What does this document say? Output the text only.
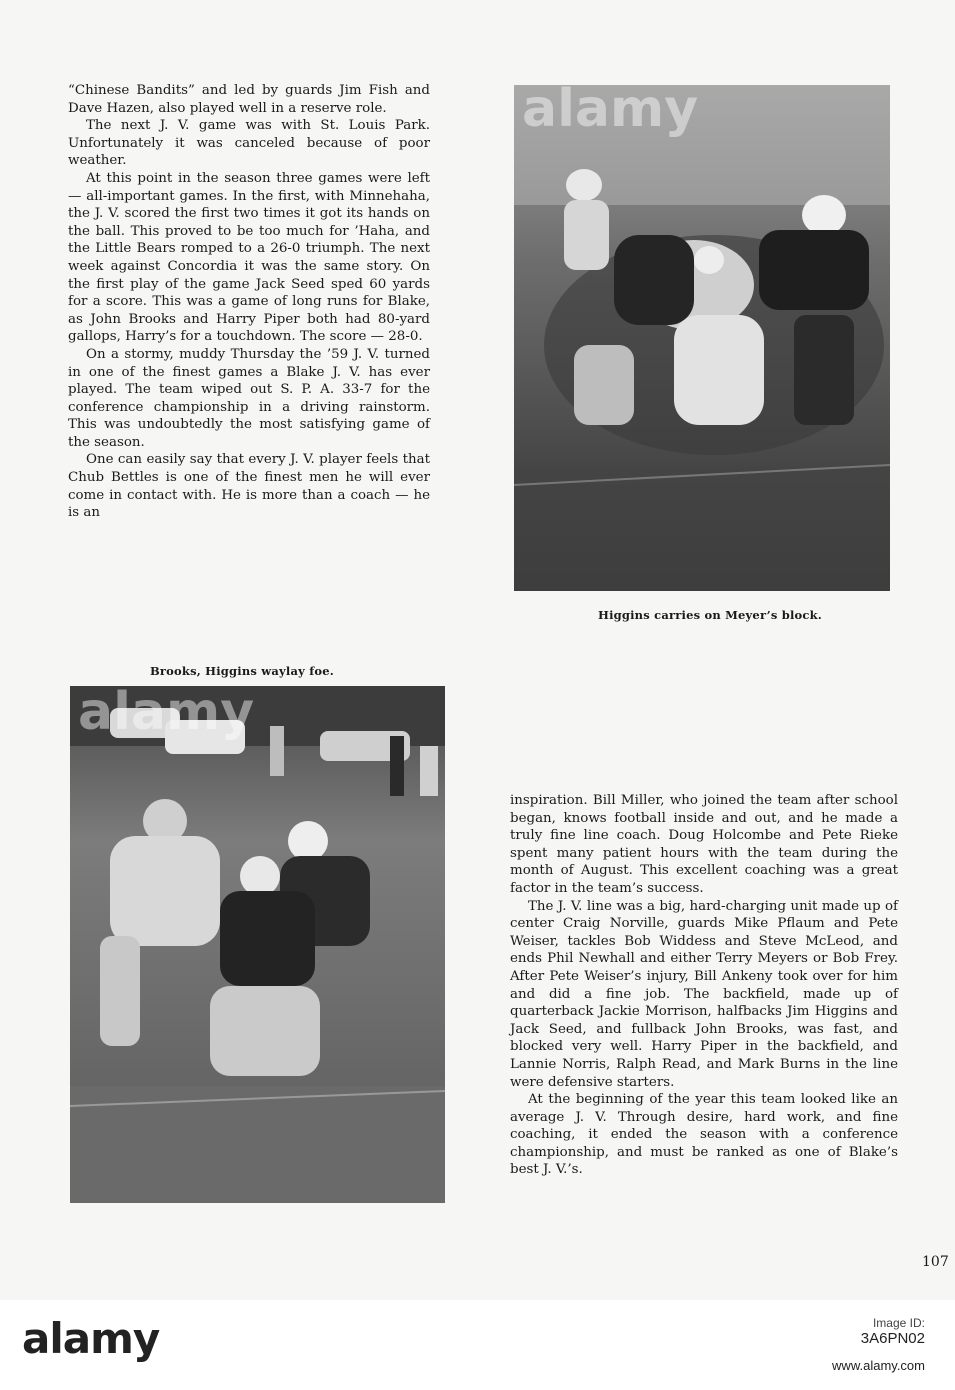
“Chinese Bandits” and led by guards Jim Fish and Dave Hazen, also played well in a reserve role.

The next J. V. game was with St. Louis Park. Unfortunately it was canceled because of poor weather.

At this point in the season three games were left — all-important games. In the first, with Minnehaha, the J. V. scored the first two times it got its hands on the ball. This proved to be too much for ’Haha, and the Little Bears romped to a 26-0 triumph. The next week against Concordia it was the same story. On the first play of the game Jack Seed sped 60 yards for a score. This was a game of long runs for Blake, as John Brooks and Harry Piper both had 80-yard gallops, Harry’s for a touchdown. The score — 28-0.

On a stormy, muddy Thursday the ’59 J. V. turned in one of the finest games a Blake J. V. has ever played. The team wiped out S. P. A. 33-7 for the conference championship in a driving rainstorm. This was undoubtedly the most satisfying game of the season.

One can easily say that every J. V. player feels that Chub Bettles is one of the finest men he will ever come in contact with. He is more than a coach — he is an

alamy
Higgins carries on Meyer’s block.
Brooks, Higgins waylay foe.
alamy

inspiration. Bill Miller, who joined the team after school began, knows football inside and out, and he made a truly fine line coach. Doug Holcombe and Pete Rieke spent many patient hours with the team during the month of August. This excellent coaching was a great factor in the team’s success.

The J. V. line was a big, hard-charging unit made up of center Craig Norville, guards Mike Pflaum and Pete Weiser, tackles Bob Widdess and Steve McLeod, and ends Phil Newhall and either Terry Meyers or Bob Frey. After Pete Weiser’s injury, Bill Ankeny took over for him and did a fine job. The backfield, made up of quarterback Jackie Morrison, halfbacks Jim Higgins and Jack Seed, and fullback John Brooks, was fast, and blocked very well. Harry Piper in the backfield, and Lannie Norris, Ralph Read, and Mark Burns in the line were defensive starters.

At the beginning of the year this team looked like an average J. V. Through desire, hard work, and fine coaching, it ended the season with a conference championship, and must be ranked as one of Blake’s best J. V.’s.

107
alamy	Image ID:
3A6PN02
www.alamy.com
